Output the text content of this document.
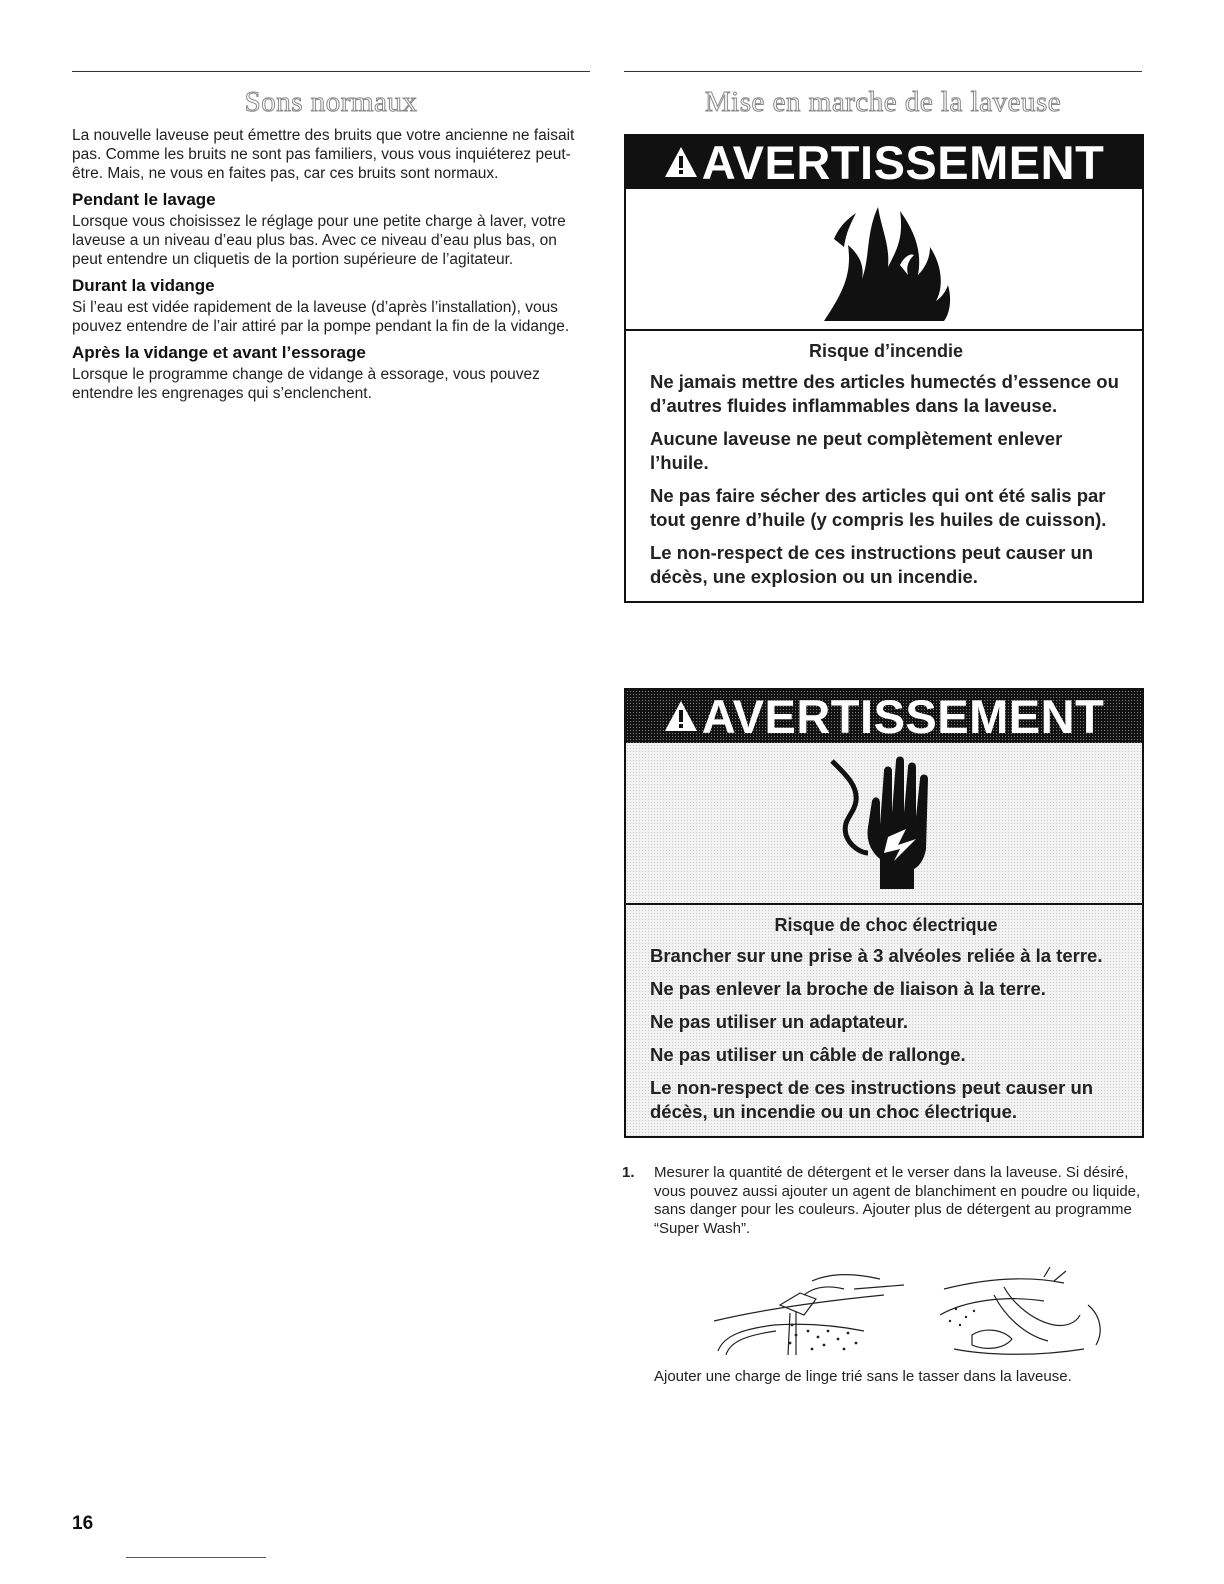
Sons normaux

La nouvelle laveuse peut émettre des bruits que votre ancienne ne faisait pas. Comme les bruits ne sont pas familiers, vous vous inquiéterez peut-être. Mais, ne vous en faites pas, car ces bruits sont normaux.

Pendant le lavage

Lorsque vous choisissez le réglage pour une petite charge à laver, votre laveuse a un niveau d’eau plus bas. Avec ce niveau d’eau plus bas, on peut entendre un cliquetis de la portion supérieure de l’agitateur.

Durant la vidange

Si l’eau est vidée rapidement de la laveuse (d’après l’installation), vous pouvez entendre de l’air attiré par la pompe pendant la fin de la vidange.

Après la vidange et avant l’essorage

Lorsque le programme change de vidange à essorage, vous pouvez entendre les engrenages qui s’enclenchent.

Mise en marche de la laveuse
AVERTISSEMENT
Risque d’incendie

Ne jamais mettre des articles humectés d’essence ou d’autres fluides inflammables dans la laveuse.

Aucune laveuse ne peut complètement enlever l’huile.

Ne pas faire sécher des articles qui ont été salis par tout genre d’huile (y compris les huiles de cuisson).

Le non-respect de ces instructions peut causer un décès, une explosion ou un incendie.

AVERTISSEMENT
Risque de choc électrique

Brancher sur une prise à 3 alvéoles reliée à la terre.

Ne pas enlever la broche de liaison à la terre.

Ne pas utiliser un adaptateur.

Ne pas utiliser un câble de rallonge.

Le non-respect de ces instructions peut causer un décès, un incendie ou un choc électrique.

1. Mesurer la quantité de détergent et le verser dans la laveuse. Si désiré, vous pouvez aussi ajouter un agent de blanchiment en poudre ou liquide, sans danger pour les couleurs. Ajouter plus de détergent au programme “Super Wash”.
Ajouter une charge de linge trié sans le tasser dans la laveuse.
16
